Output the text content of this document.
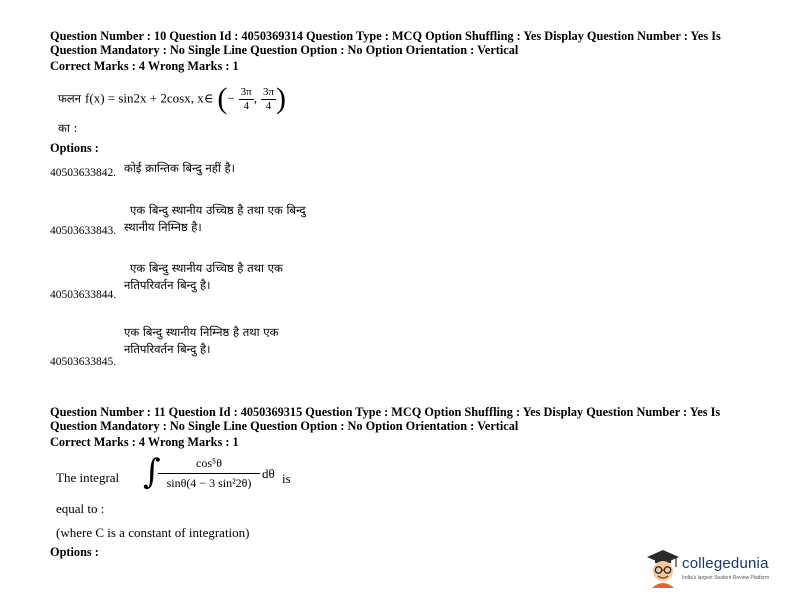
Question Number : 10 Question Id : 4050369314 Question Type : MCQ Option Shuffling : Yes Display Question Number : Yes Is
Question Mandatory : No Single Line Question Option : No Option Orientation : Vertical
Correct Marks : 4 Wrong Marks : 1
फलन f(x) = sin2x + 2cosx, x∈ (− $\frac{3\pi}{4}$ , $\frac{3\pi}{4}$ )
का :
Options :
40503633842. कोई क्रान्तिक बिन्दु नहीं है।
एक बिन्दु स्थानीय उच्चिष्ठ है तथा एक बिन्दु
स्थानीय निम्निष्ठ है।
40503633843.
एक बिन्दु स्थानीय उच्चिष्ठ है तथा एक
नतिपरिवर्तन बिन्दु है।
40503633844.
एक बिन्दु स्थानीय निम्निष्ठ है तथा एक
नतिपरिवर्तन बिन्दु है।
40503633845.
Question Number : 11 Question Id : 4050369315 Question Type : MCQ Option Shuffling : Yes Display Question Number : Yes Is
Question Mandatory : No Single Line Question Option : No Option Orientation : Vertical
Correct Marks : 4 Wrong Marks : 1
The integral ∫
$\frac{\text{cos⁵θ}}{\text{sinθ(4 − 3 sin²2θ)}}$ dθ is
equal to :
(where C is a constant of integration)
Options :
collegedunia
India's largest Student Review Platform
